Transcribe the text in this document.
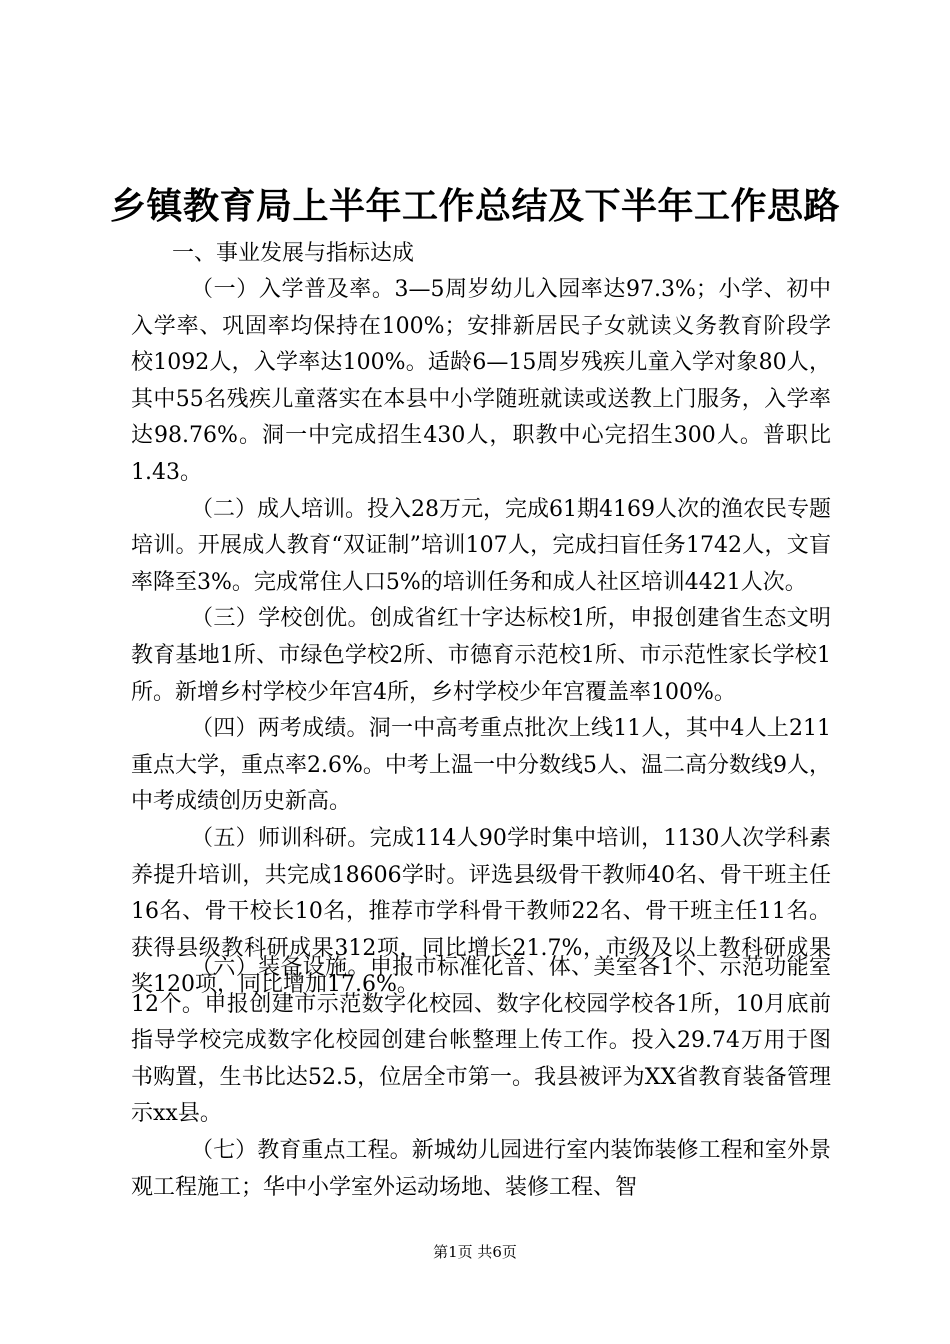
乡镇教育局上半年工作总结及下半年工作思路
一、事业发展与指标达成

（一）入学普及率。3—5周岁幼儿入园率达97.3%；小学、初中入学率、巩固率均保持在100%；安排新居民子女就读义务教育阶段学校1092人，入学率达100%。适龄6—15周岁残疾儿童入学对象80人，其中55名残疾儿童落实在本县中小学随班就读或送教上门服务，入学率达98.76%。洞一中完成招生430人，职教中心完招生300人。普职比1.43。

（二）成人培训。投入28万元，完成61期4169人次的渔农民专题培训。开展成人教育“双证制”培训107人，完成扫盲任务1742人，文盲率降至3%。完成常住人口5%的培训任务和成人社区培训4421人次。

（三）学校创优。创成省红十字达标校1所，申报创建省生态文明教育基地1所、市绿色学校2所、市德育示范校1所、市示范性家长学校1所。新增乡村学校少年宫4所，乡村学校少年宫覆盖率100%。

（四）两考成绩。洞一中高考重点批次上线11人，其中4人上211重点大学，重点率2.6%。中考上温一中分数线5人、温二高分数线9人，中考成绩创历史新高。

（五）师训科研。完成114人90学时集中培训，1130人次学科素养提升培训，共完成18606学时。评选县级骨干教师40名、骨干班主任16名、骨干校长10名，推荐市学科骨干教师22名、骨干班主任11名。获得县级教科研成果312项，同比增长21.7%，市级及以上教科研成果奖120项，同比增加17.6%。

（六）装备设施。申报市标准化音、体、美室各1个、示范功能室12个。申报创建市示范数字化校园、数字化校园学校各1所，10月底前指导学校完成数字化校园创建台帐整理上传工作。投入29.74万用于图书购置，生书比达52.5，位居全市第一。我县被评为XX省教育装备管理示xx县。

（七）教育重点工程。新城幼儿园进行室内装饰装修工程和室外景观工程施工；华中小学室外运动场地、装修工程、智

第1页 共6页
